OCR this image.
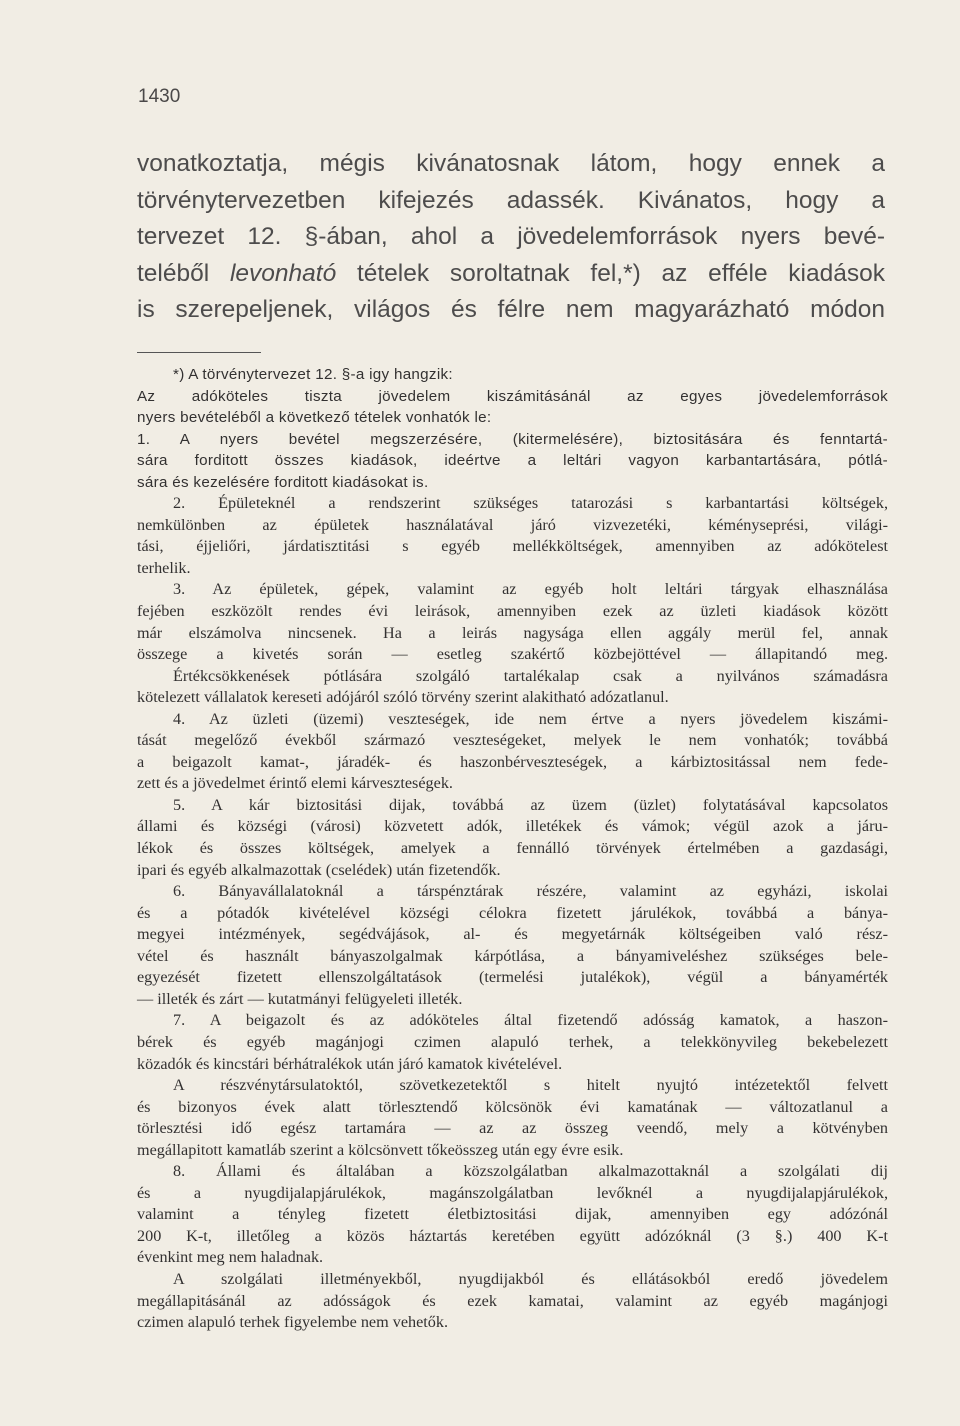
1430
vonatkoztatja, mégis kivánatosnak látom, hogy ennek a
törvénytervezetben kifejezés adassék. Kivánatos, hogy a
tervezet 12. §-ában, ahol a jövedelemforrások nyers bevé-
teléből levonható tételek soroltatnak fel,*) az efféle kiadások
is szerepeljenek, világos és félre nem magyarázható módon
*) A törvénytervezet 12. §-a igy hangzik:
Az adóköteles tiszta jövedelem kiszámitásánál az egyes jövedelemforrások
nyers bevételéből a következő tételek vonhatók le:
1. A nyers bevétel megszerzésére, (kitermelésére), biztositására és fenntartá-
sára forditott összes kiadások, ideértve a leltári vagyon karbantartására, pótlá-
sára és kezelésére forditott kiadásokat is.
2. Épületeknél a rendszerint szükséges tatarozási s karbantartási költségek,
nemkülönben az épületek használatával járó vizvezetéki, kéményseprési, világi-
tási, éjjeliőri, járdatisztitási s egyéb mellékköltségek, amennyiben az adókötelest
terhelik.
3. Az épületek, gépek, valamint az egyéb holt leltári tárgyak elhasználása
fejében eszközölt rendes évi leirások, amennyiben ezek az üzleti kiadások között
már elszámolva nincsenek. Ha a leirás nagysága ellen aggály merül fel, annak
összege a kivetés során — esetleg szakértő közbejöttével — állapitandó meg.
Értékcsökkenések pótlására szolgáló tartalékalap csak a nyilvános számadásra
kötelezett vállalatok kereseti adójáról szóló törvény szerint alakitható adózatlanul.
4. Az üzleti (üzemi) veszteségek, ide nem értve a nyers jövedelem kiszámi-
tását megelőző évekből származó veszteségeket, melyek le nem vonhatók; továbbá
a beigazolt kamat-, járadék- és haszonbérveszteségek, a kárbiztositással nem fede-
zett és a jövedelmet érintő elemi kárveszteségek.
5. A kár biztositási dijak, továbbá az üzem (üzlet) folytatásával kapcsolatos
állami és községi (városi) közvetett adók, illetékek és vámok; végül azok a járu-
lékok és összes költségek, amelyek a fennálló törvények értelmében a gazdasági,
ipari és egyéb alkalmazottak (cselédek) után fizetendők.
6. Bányavállalatoknál a társpénztárak részére, valamint az egyházi, iskolai
és a pótadók kivételével községi célokra fizetett járulékok, továbbá a bánya-
megyei intézmények, segédvájások, al- és megyetárnák költségeiben való rész-
vétel és használt bányaszolgalmak kárpótlása, a bányamiveléshez szükséges bele-
egyezését fizetett ellenszolgáltatások (termelési jutalékok), végül a bányamérték
— illeték és zárt — kutatmányi felügyeleti illeték.
7. A beigazolt és az adóköteles által fizetendő adósság kamatok, a haszon-
bérek és egyéb magánjogi czimen alapuló terhek, a telekkönyvileg bekebelezett
közadók és kincstári bérhátralékok után járó kamatok kivételével.
A részvénytársulatoktól, szövetkezetektől s hitelt nyujtó intézetektől felvett
és bizonyos évek alatt törlesztendő kölcsönök évi kamatának — változatlanul a
törlesztési idő egész tartamára — az az összeg veendő, mely a kötvényben
megállapitott kamatláb szerint a kölcsönvett tőkeösszeg után egy évre esik.
8. Állami és általában a közszolgálatban alkalmazottaknál a szolgálati dij
és a nyugdijalapjárulékok, magánszolgálatban levőknél a nyugdijalapjárulékok,
valamint a tényleg fizetett életbiztositási dijak, amennyiben egy adózónál
200 K-t, illetőleg a közös háztartás keretében együtt adózóknál (3 §.) 400 K-t
évenkint meg nem haladnak.
A szolgálati illetményekből, nyugdijakból és ellátásokból eredő jövedelem
megállapitásánál az adósságok és ezek kamatai, valamint az egyéb magánjogi
czimen alapuló terhek figyelembe nem vehetők.
